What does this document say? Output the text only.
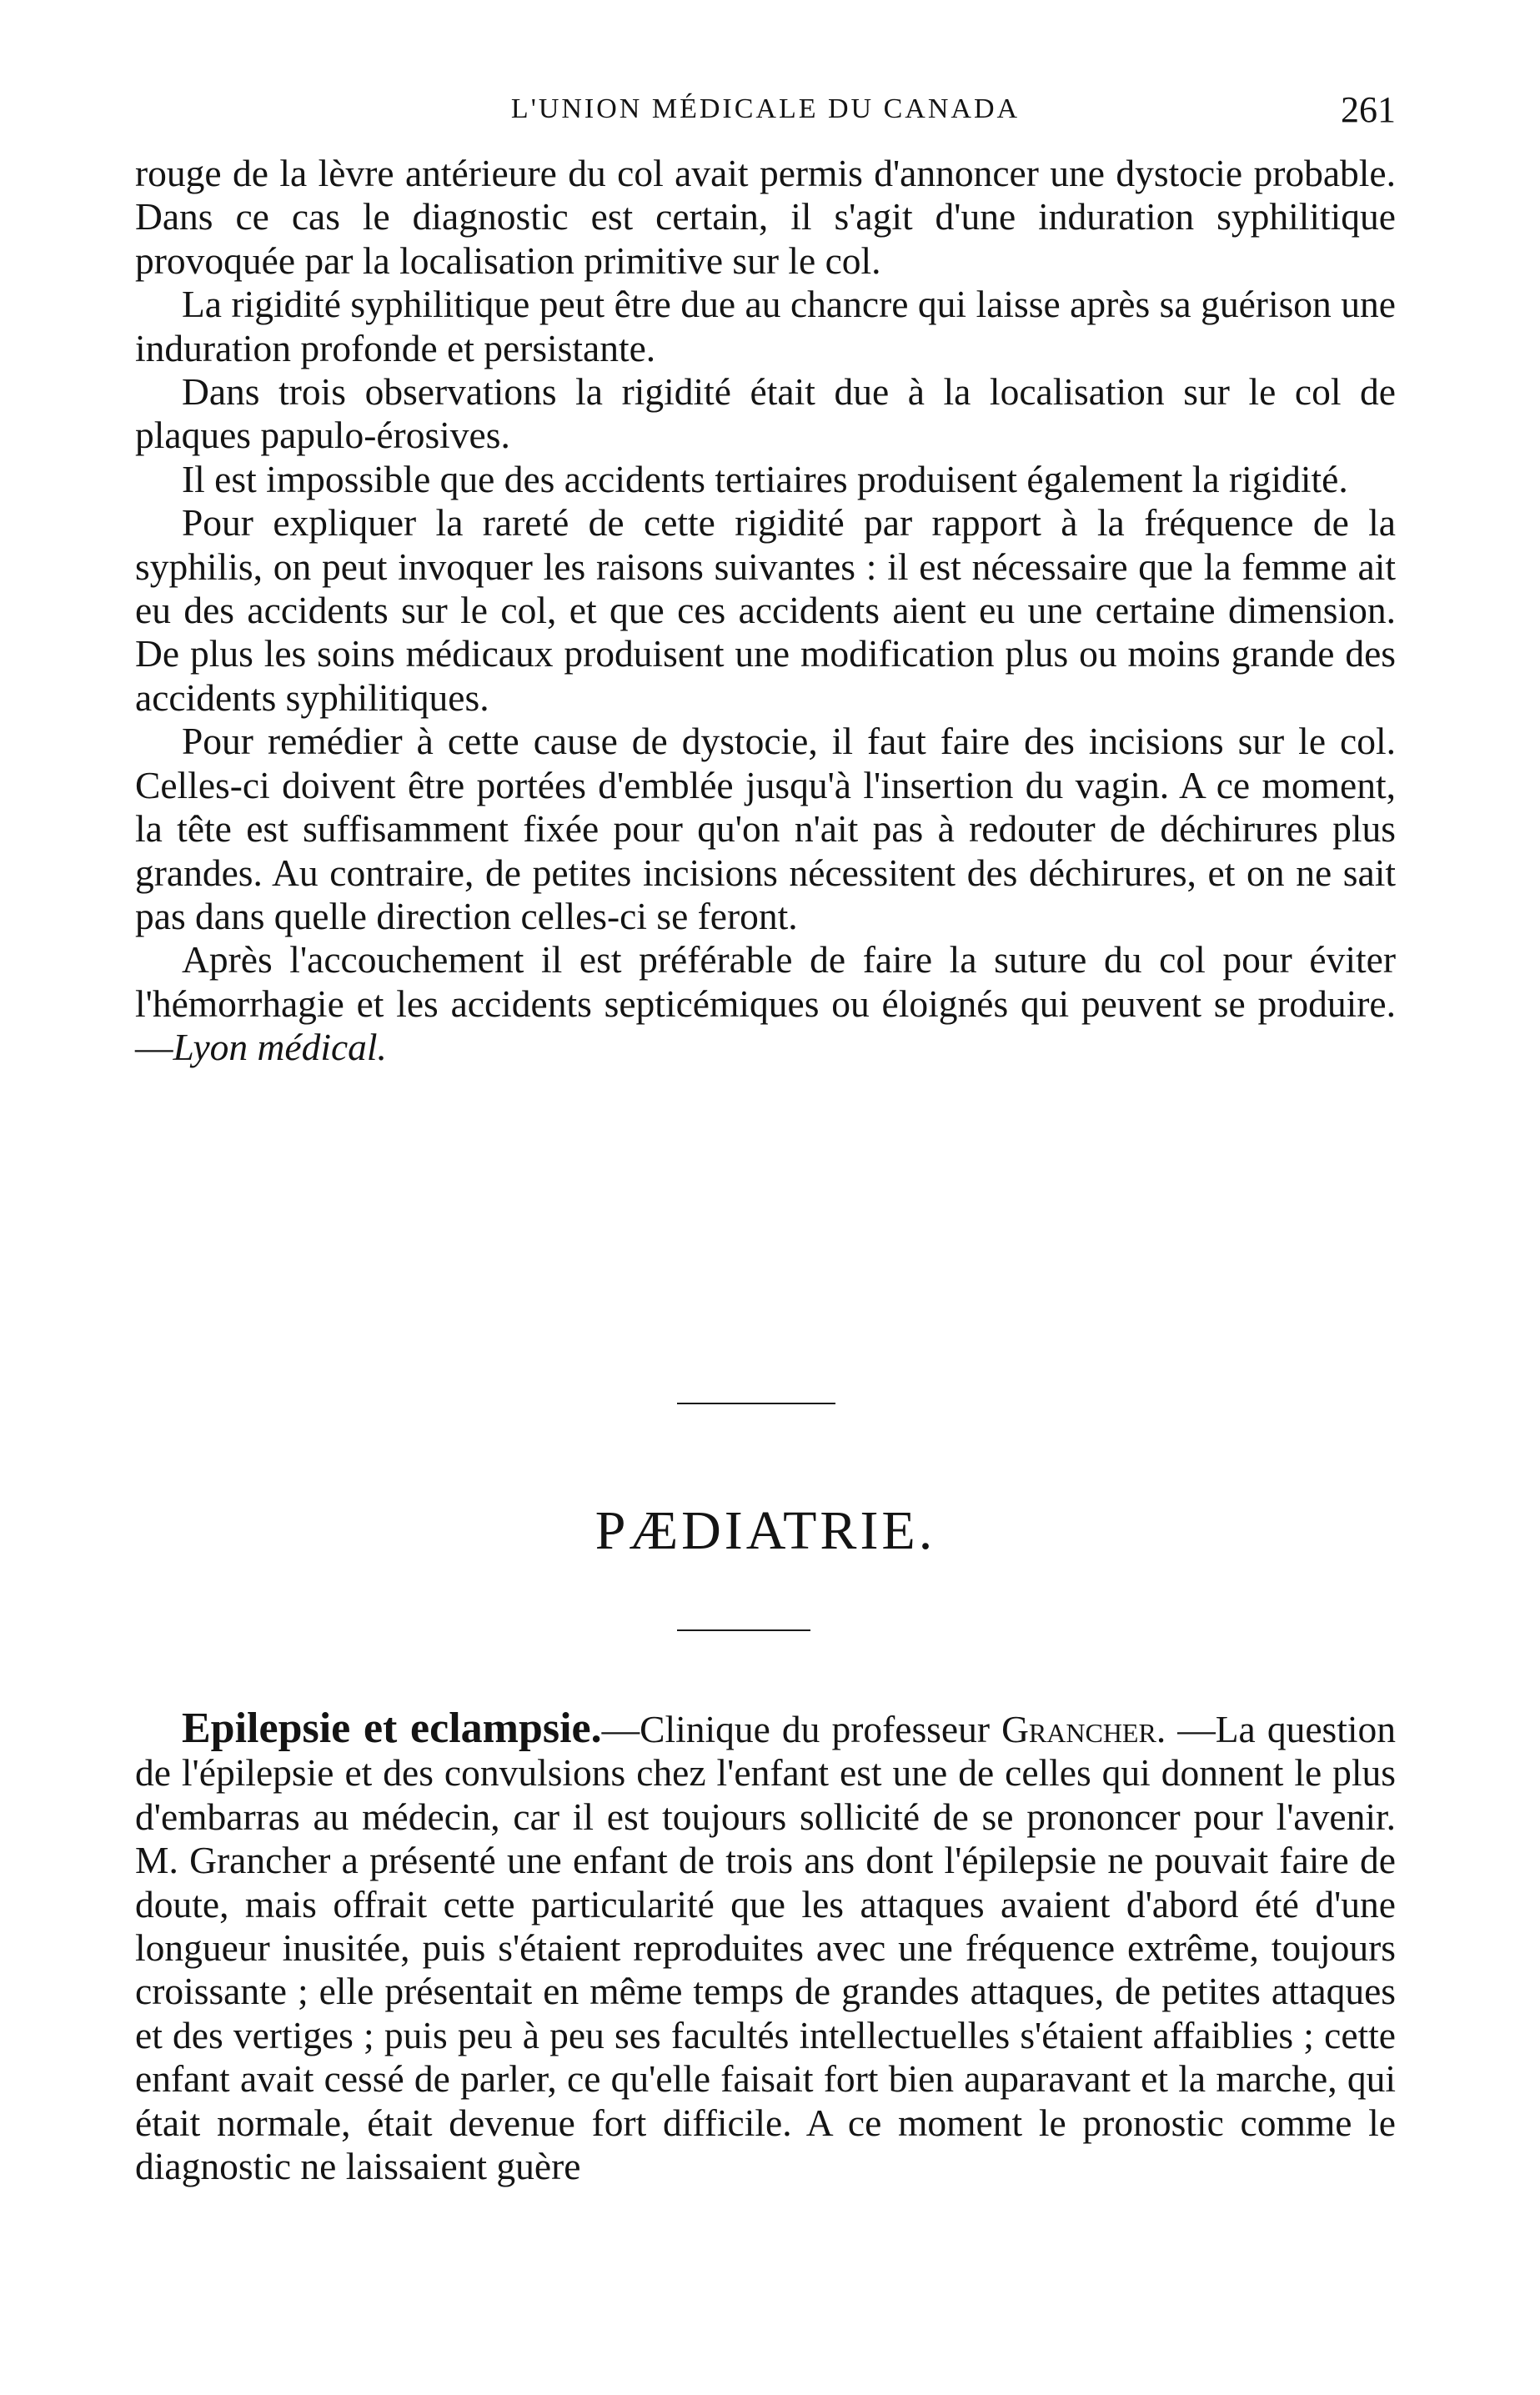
L'UNION MÉDICALE DU CANADA	261

rouge de la lèvre antérieure du col avait permis d'annoncer une dystocie probable. Dans ce cas le diagnostic est certain, il s'agit d'une induration syphilitique provoquée par la localisation primitive sur le col.

La rigidité syphilitique peut être due au chancre qui laisse après sa guérison une induration profonde et persistante.

Dans trois observations la rigidité était due à la localisation sur le col de plaques papulo-érosives.

Il est impossible que des accidents tertiaires produisent également la rigidité.

Pour expliquer la rareté de cette rigidité par rapport à la fréquence de la syphilis, on peut invoquer les raisons suivantes : il est nécessaire que la femme ait eu des accidents sur le col, et que ces accidents aient eu une certaine dimension. De plus les soins médicaux produisent une modification plus ou moins grande des accidents syphilitiques.

Pour remédier à cette cause de dystocie, il faut faire des incisions sur le col. Celles-ci doivent être portées d'emblée jusqu'à l'insertion du vagin. A ce moment, la tête est suffisamment fixée pour qu'on n'ait pas à redouter de déchirures plus grandes. Au contraire, de petites incisions nécessitent des déchirures, et on ne sait pas dans quelle direction celles-ci se feront.

Après l'accouchement il est préférable de faire la suture du col pour éviter l'hémorrhagie et les accidents septicémiques ou éloignés qui peuvent se produire.—Lyon médical.

PÆDIATRIE.

Epilepsie et eclampsie.—Clinique du professeur Grancher. —La question de l'épilepsie et des convulsions chez l'enfant est une de celles qui donnent le plus d'embarras au médecin, car il est toujours sollicité de se prononcer pour l'avenir. M. Grancher a présenté une enfant de trois ans dont l'épilepsie ne pouvait faire de doute, mais offrait cette particularité que les attaques avaient d'abord été d'une longueur inusitée, puis s'étaient reproduites avec une fréquence extrême, toujours croissante ; elle présentait en même temps de grandes attaques, de petites attaques et des vertiges ; puis peu à peu ses facultés intellectuelles s'étaient affaiblies ; cette enfant avait cessé de parler, ce qu'elle faisait fort bien auparavant et la marche, qui était normale, était devenue fort difficile. A ce moment le pronostic comme le diagnostic ne laissaient guère
